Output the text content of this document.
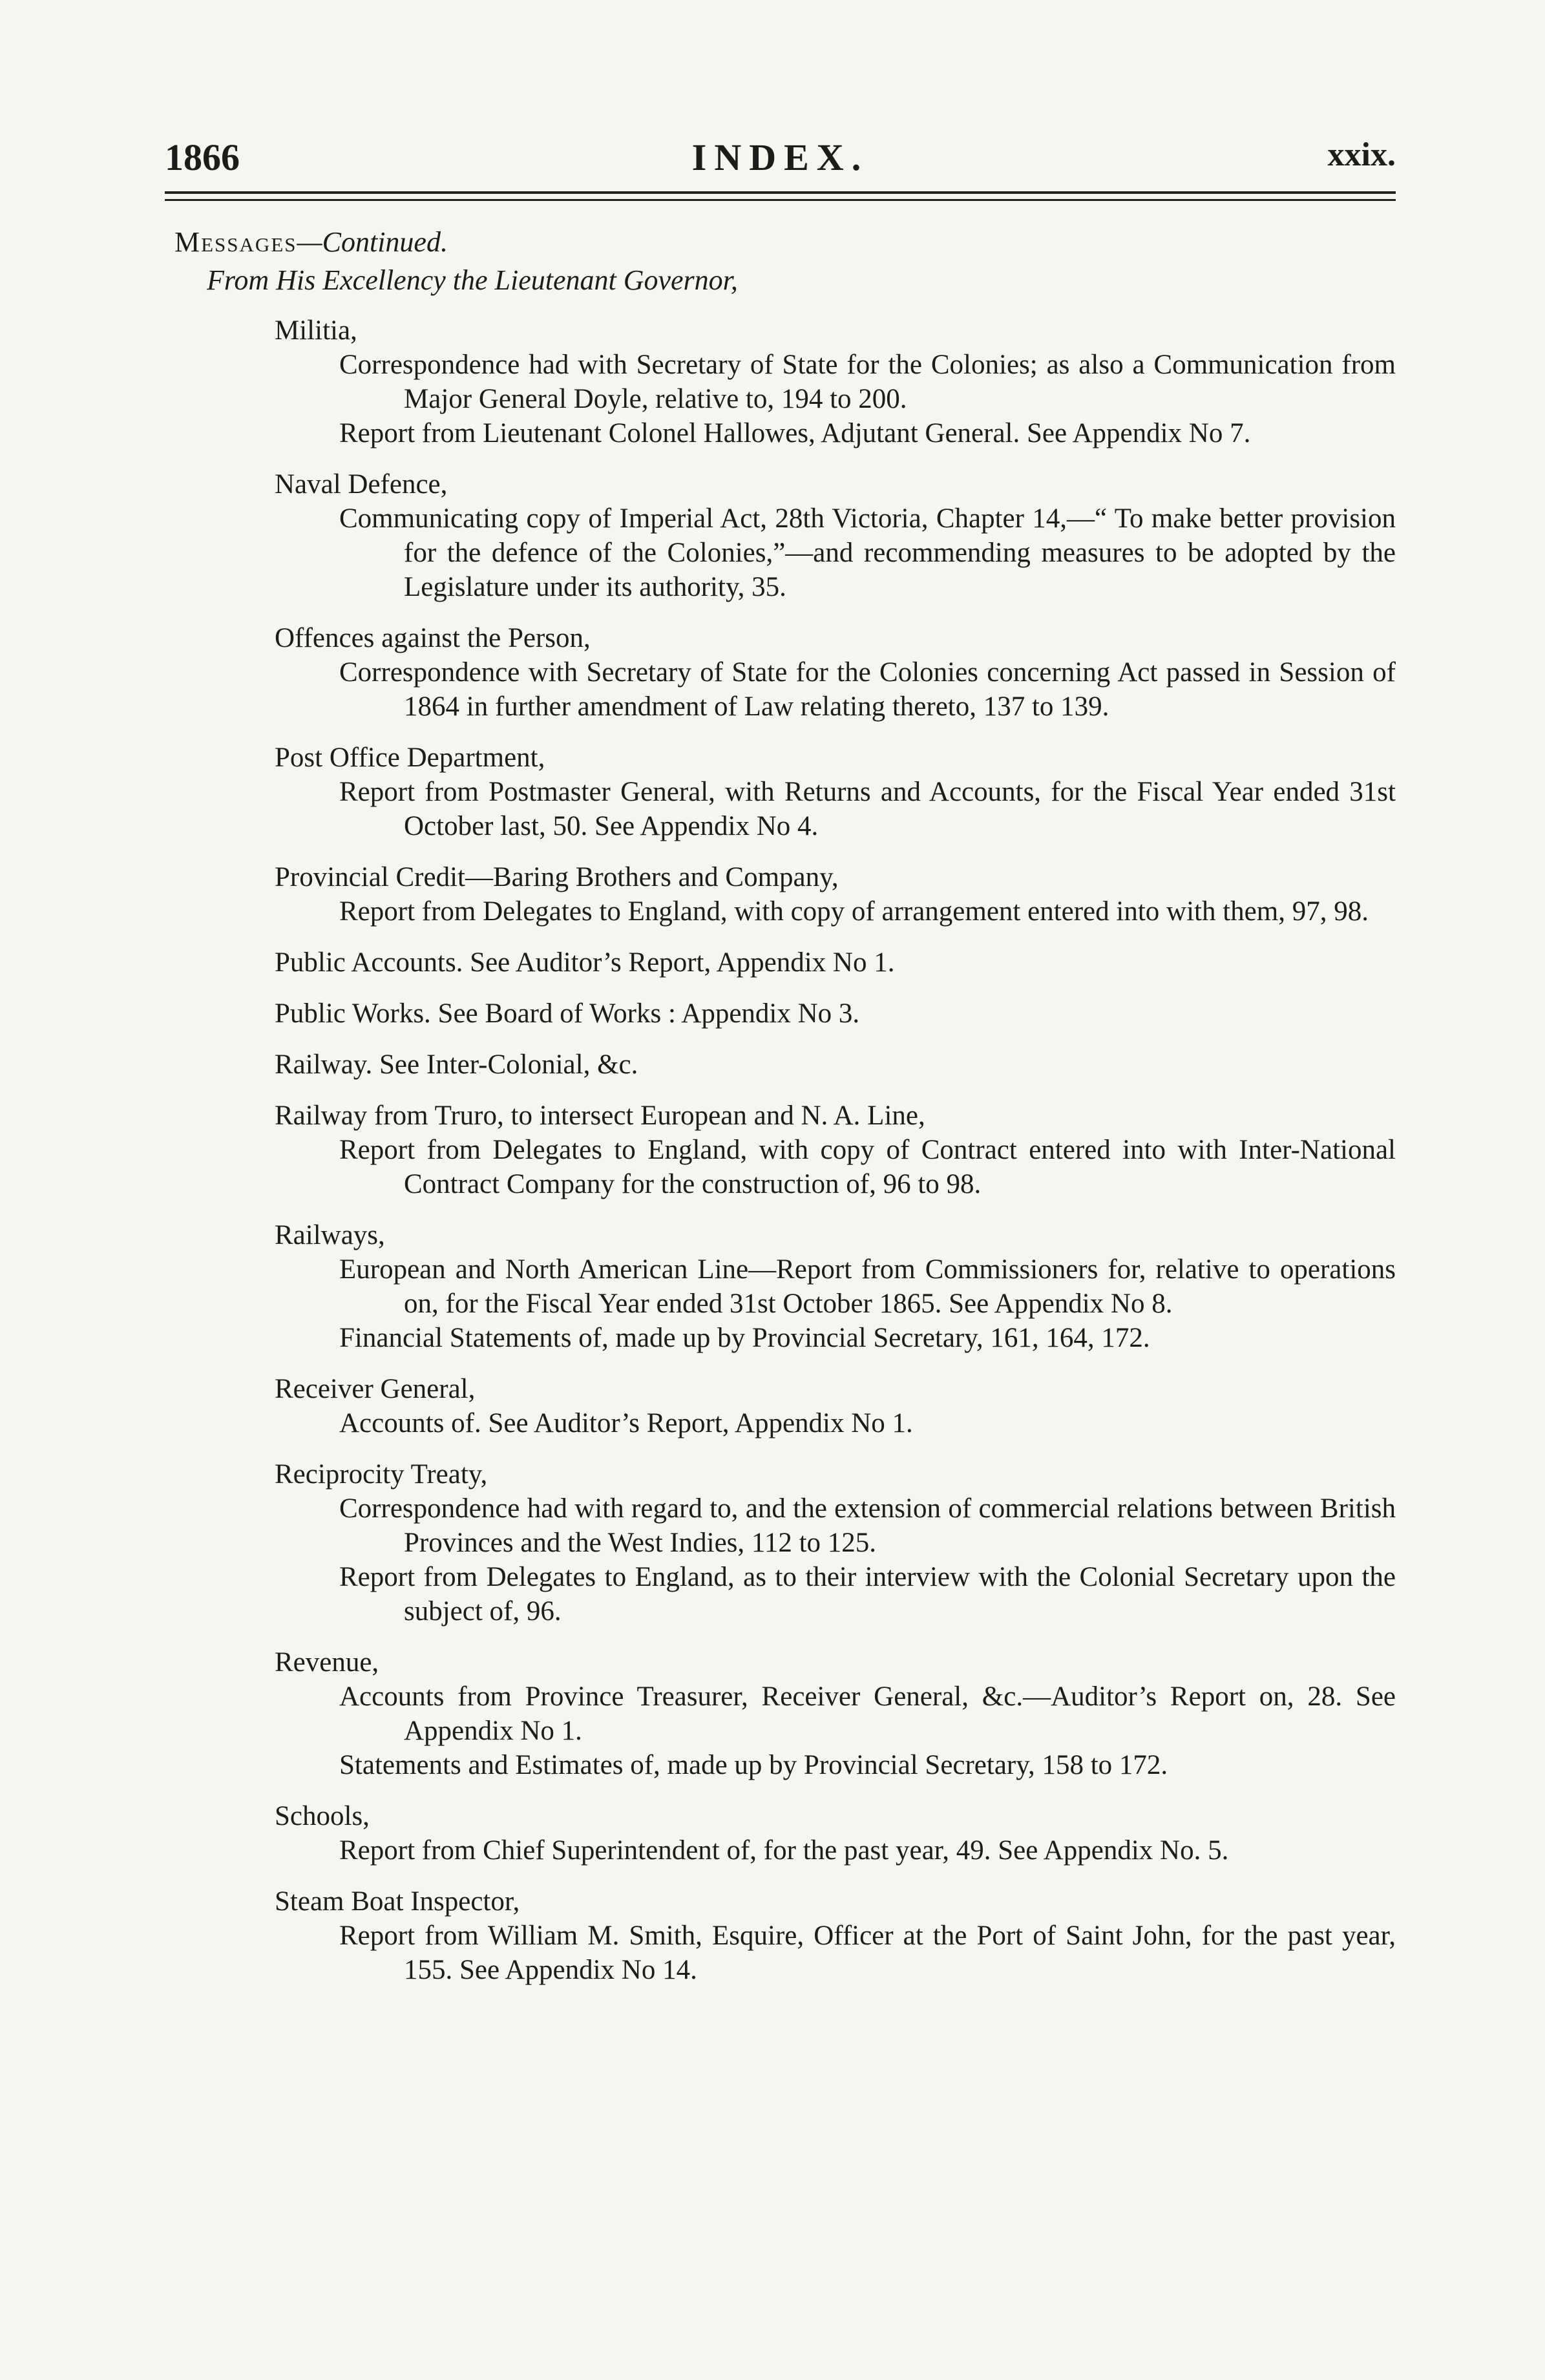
1866	INDEX.	xxix.
Messages—Continued.
From His Excellency the Lieutenant Governor,
Militia,
Correspondence had with Secretary of State for the Colonies; as also a Communication from Major General Doyle, relative to, 194 to 200.
Report from Lieutenant Colonel Hallowes, Adjutant General. See Appendix No 7.
Naval Defence,
Communicating copy of Imperial Act, 28th Victoria, Chapter 14,—“ To make better provision for the defence of the Colonies,”—and recommending measures to be adopted by the Legislature under its authority, 35.
Offences against the Person,
Correspondence with Secretary of State for the Colonies concerning Act passed in Session of 1864 in further amendment of Law relating thereto, 137 to 139.
Post Office Department,
Report from Postmaster General, with Returns and Accounts, for the Fiscal Year ended 31st October last, 50. See Appendix No 4.
Provincial Credit—Baring Brothers and Company,
Report from Delegates to England, with copy of arrangement entered into with them, 97, 98.
Public Accounts. See Auditor’s Report, Appendix No 1.
Public Works. See Board of Works : Appendix No 3.
Railway. See Inter-Colonial, &c.
Railway from Truro, to intersect European and N. A. Line,
Report from Delegates to England, with copy of Contract entered into with Inter-National Contract Company for the construction of, 96 to 98.
Railways,
European and North American Line—Report from Commissioners for, relative to operations on, for the Fiscal Year ended 31st October 1865. See Appendix No 8.
Financial Statements of, made up by Provincial Secretary, 161, 164, 172.
Receiver General,
Accounts of. See Auditor’s Report, Appendix No 1.
Reciprocity Treaty,
Correspondence had with regard to, and the extension of commercial relations between British Provinces and the West Indies, 112 to 125.
Report from Delegates to England, as to their interview with the Colonial Secretary upon the subject of, 96.
Revenue,
Accounts from Province Treasurer, Receiver General, &c.—Auditor’s Report on, 28. See Appendix No 1.
Statements and Estimates of, made up by Provincial Secretary, 158 to 172.
Schools,
Report from Chief Superintendent of, for the past year, 49. See Appendix No. 5.
Steam Boat Inspector,
Report from William M. Smith, Esquire, Officer at the Port of Saint John, for the past year, 155. See Appendix No 14.
